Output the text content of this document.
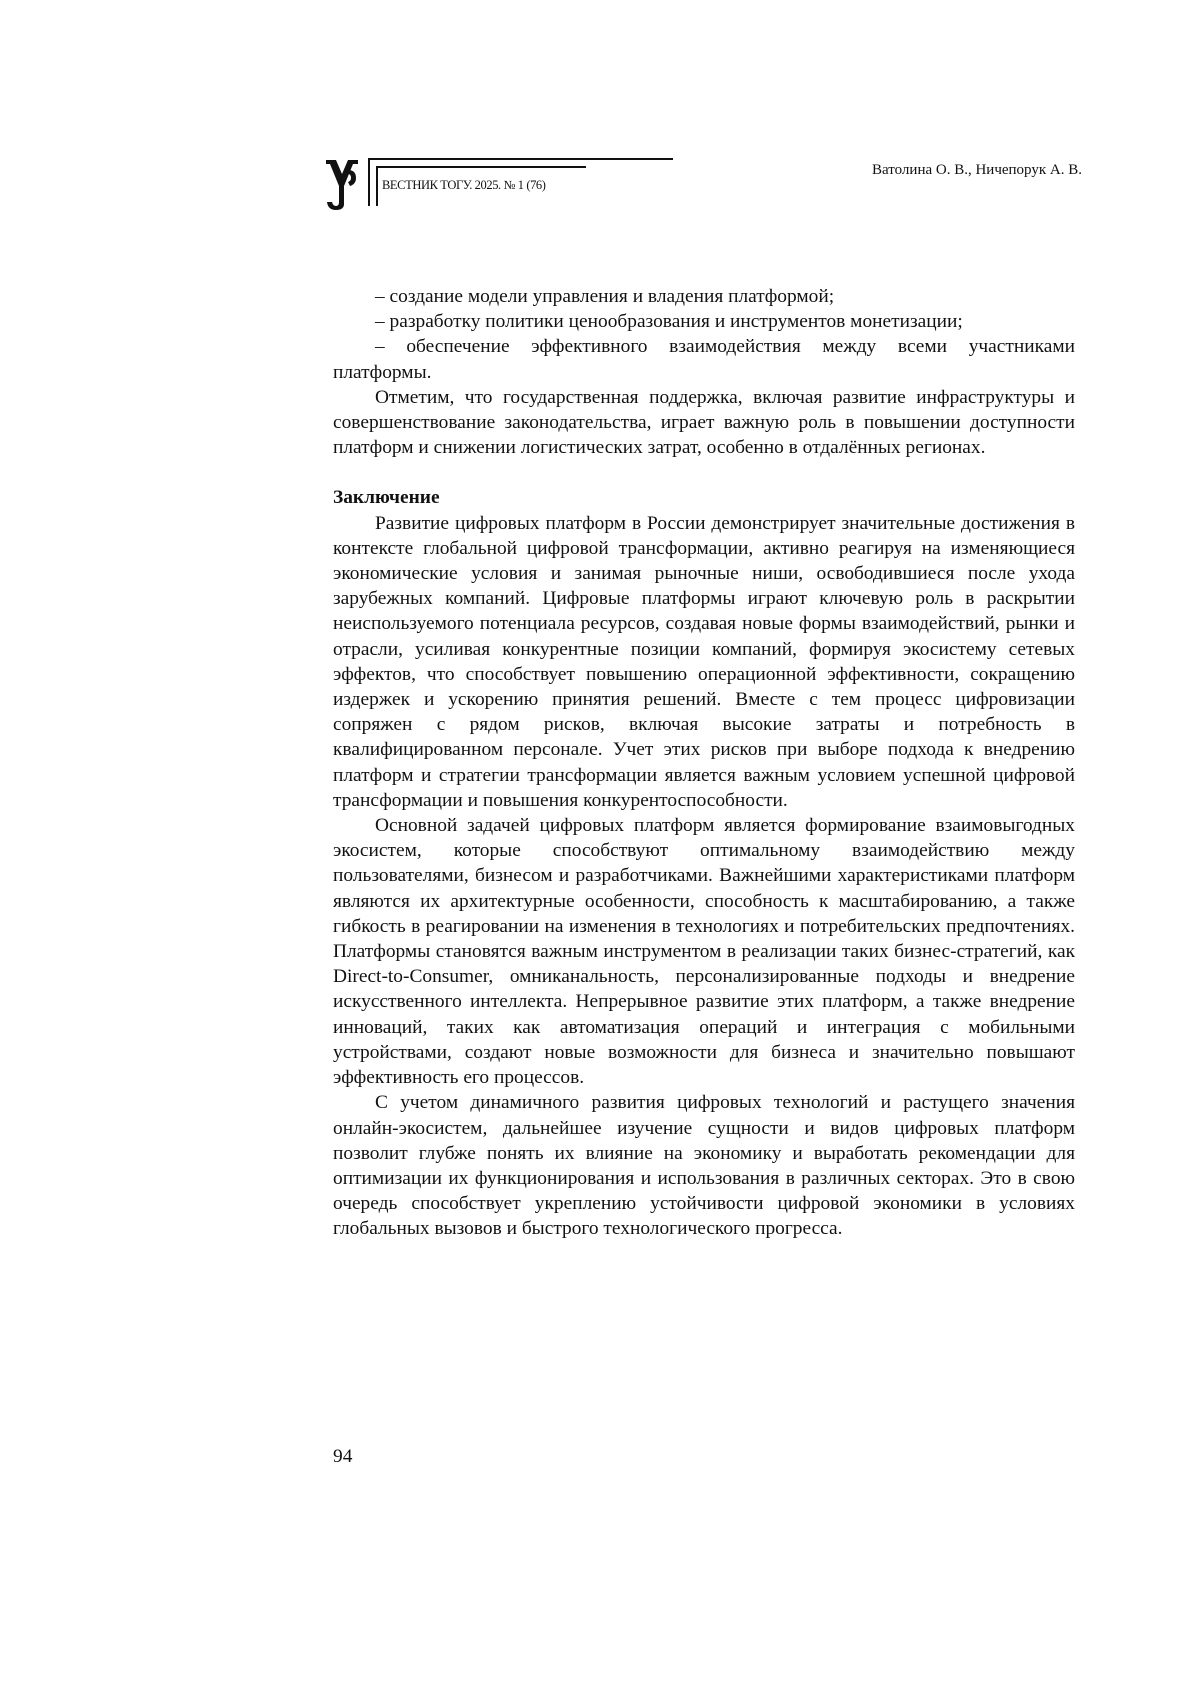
ВЕСТНИК ТОГУ. 2025. № 1 (76)
Ватолина О. В., Ничепорук А. В.

– создание модели управления и владения платформой;

– разработку политики ценообразования и инструментов монетизации;

– обеспечение эффективного взаимодействия между всеми участниками платформы.

Отметим, что государственная поддержка, включая развитие инфраструктуры и совершенствование законодательства, играет важную роль в повышении доступности платформ и снижении логистических затрат, особенно в отдалённых регионах.

Заключение

Развитие цифровых платформ в России демонстрирует значительные достижения в контексте глобальной цифровой трансформации, активно реагируя на изменяющиеся экономические условия и занимая рыночные ниши, освободившиеся после ухода зарубежных компаний. Цифровые платформы играют ключевую роль в раскрытии неиспользуемого потенциала ресурсов, создавая новые формы взаимодействий, рынки и отрасли, усиливая конкурентные позиции компаний, формируя экосистему сетевых эффектов, что способствует повышению операционной эффективности, сокращению издержек и ускорению принятия решений. Вместе с тем процесс цифровизации сопряжен с рядом рисков, включая высокие затраты и потребность в квалифицированном персонале. Учет этих рисков при выборе подхода к внедрению платформ и стратегии трансформации является важным условием успешной цифровой трансформации и повышения конкурентоспособности.

Основной задачей цифровых платформ является формирование взаимовыгодных экосистем, которые способствуют оптимальному взаимодействию между пользователями, бизнесом и разработчиками. Важнейшими характеристиками платформ являются их архитектурные особенности, способность к масштабированию, а также гибкость в реагировании на изменения в технологиях и потребительских предпочтениях. Платформы становятся важным инструментом в реализации таких бизнес-стратегий, как Direct-to-Consumer, омниканальность, персонализированные подходы и внедрение искусственного интеллекта. Непрерывное развитие этих платформ, а также внедрение инноваций, таких как автоматизация операций и интеграция с мобильными устройствами, создают новые возможности для бизнеса и значительно повышают эффективность его процессов.

С учетом динамичного развития цифровых технологий и растущего значения онлайн-экосистем, дальнейшее изучение сущности и видов цифровых платформ позволит глубже понять их влияние на экономику и выработать рекомендации для оптимизации их функционирования и использования в различных секторах. Это в свою очередь способствует укреплению устойчивости цифровой экономики в условиях глобальных вызовов и быстрого технологического прогресса.

94
